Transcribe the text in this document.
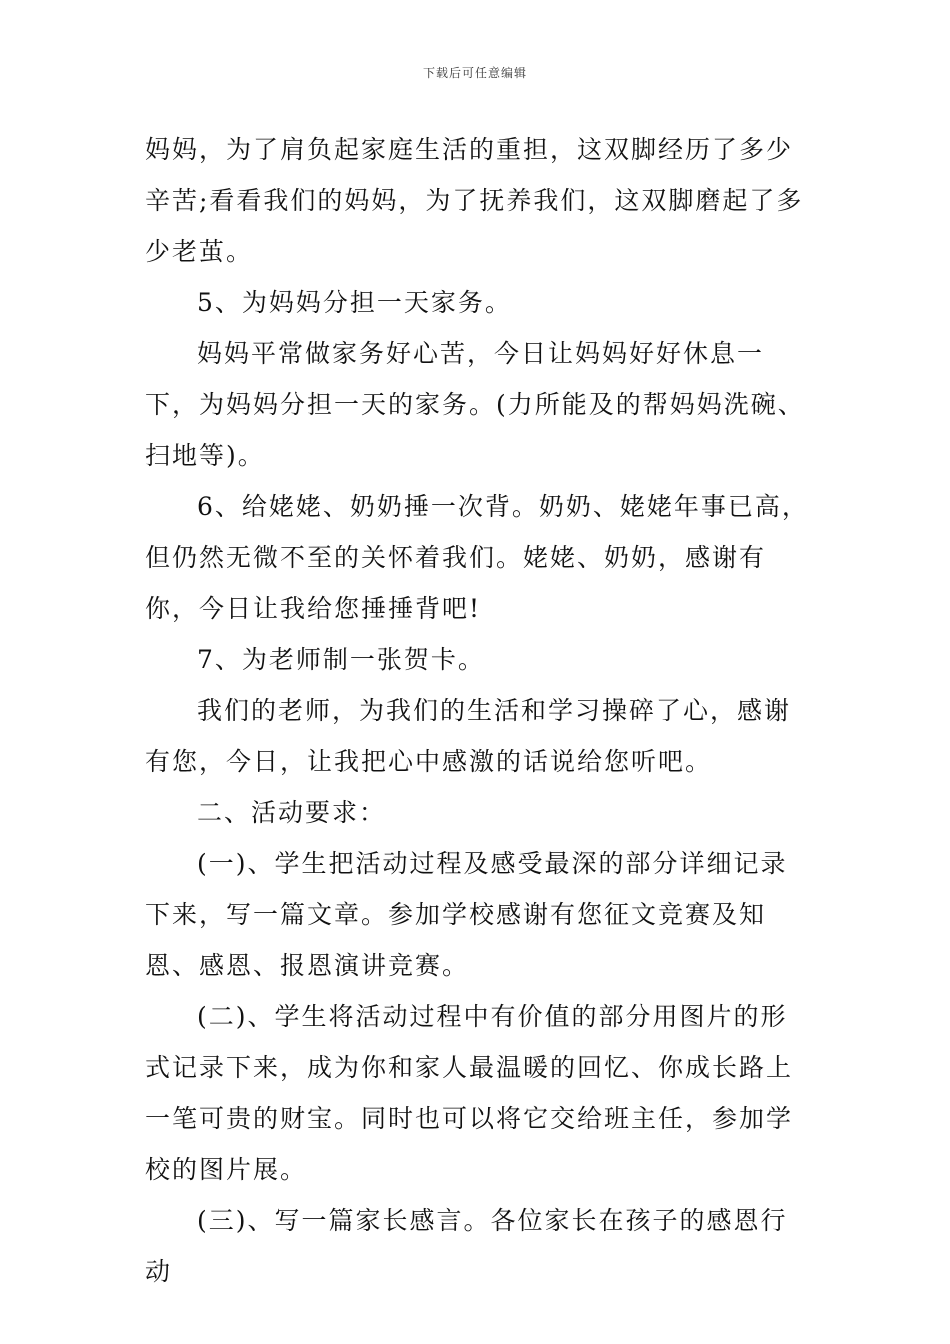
下载后可任意编辑

妈妈，为了肩负起家庭生活的重担，这双脚经历了多少辛苦;看看我们的妈妈，为了抚养我们，这双脚磨起了多少老茧。

5、为妈妈分担一天家务。

妈妈平常做家务好心苦，今日让妈妈好好休息一下，为妈妈分担一天的家务。(力所能及的帮妈妈洗碗、扫地等)。

6、给姥姥、奶奶捶一次背。奶奶、姥姥年事已高，但仍然无微不至的关怀着我们。姥姥、奶奶，感谢有你，今日让我给您捶捶背吧!

7、为老师制一张贺卡。

我们的老师，为我们的生活和学习操碎了心，感谢有您，今日，让我把心中感激的话说给您听吧。

二、活动要求：

(一)、学生把活动过程及感受最深的部分详细记录下来，写一篇文章。参加学校感谢有您征文竞赛及知恩、感恩、报恩演讲竞赛。

(二)、学生将活动过程中有价值的部分用图片的形式记录下来，成为你和家人最温暖的回忆、你成长路上一笔可贵的财宝。同时也可以将它交给班主任，参加学校的图片展。

(三)、写一篇家长感言。各位家长在孩子的感恩行动
